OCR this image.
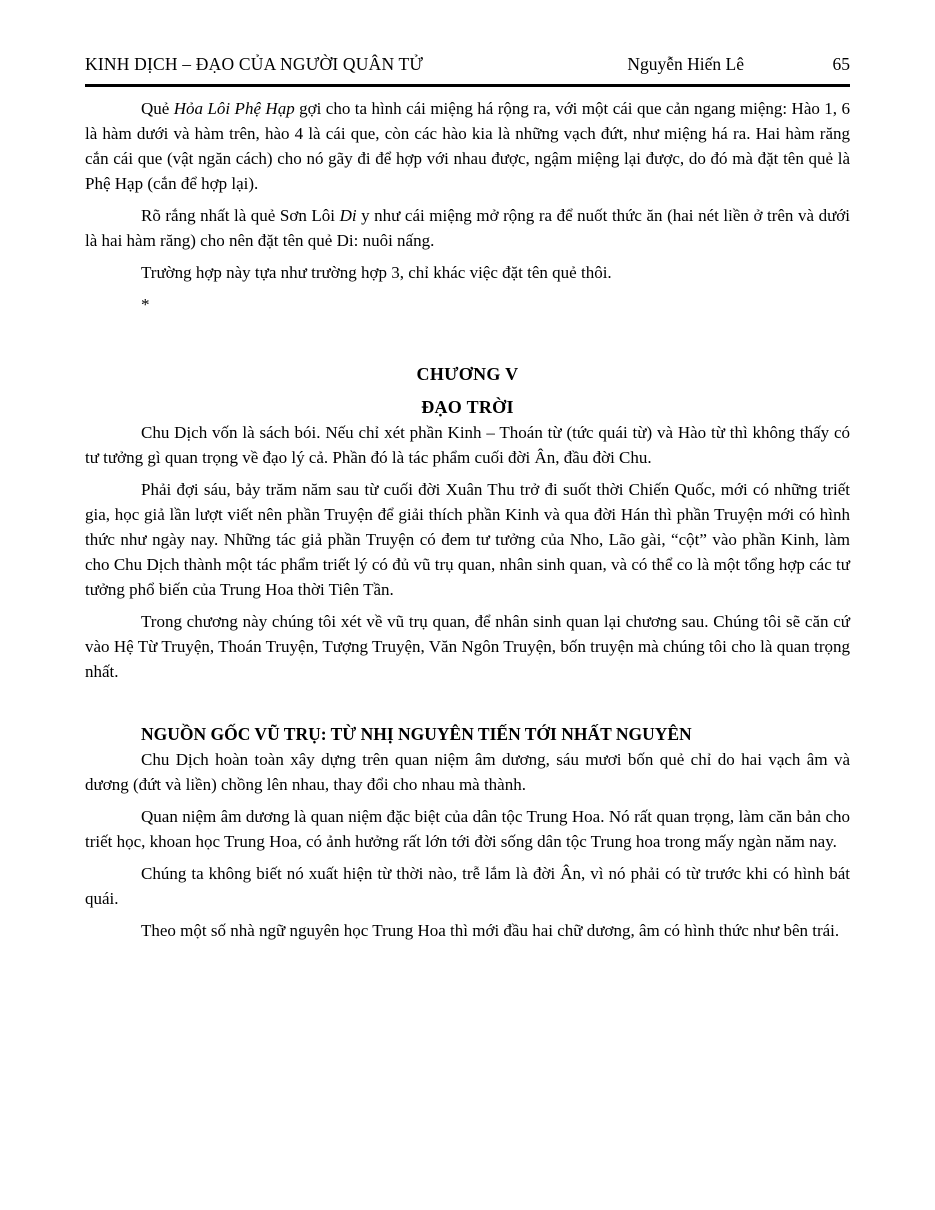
KINH DỊCH – ĐẠO CỦA NGƯỜI QUÂN TỬ	Nguyễn Hiến Lê	65

Quẻ Hỏa Lôi Phệ Hạp gợi cho ta hình cái miệng há rộng ra, với một cái que cản ngang miệng: Hào 1, 6 là hàm dưới và hàm trên, hào 4 là cái que, còn các hào kia là những vạch đứt, như miệng há ra. Hai hàm răng cắn cái que (vật ngăn cách) cho nó gãy đi để hợp với nhau được, ngậm miệng lại được, do đó mà đặt tên quẻ là Phệ Hạp (cắn để hợp lại).

Rõ rắng nhất là quẻ Sơn Lôi Di y như cái miệng mở rộng ra để nuốt thức ăn (hai nét liền ở trên và dưới là hai hàm răng) cho nên đặt tên quẻ Di: nuôi nấng.

Trường hợp này tựa như trường hợp 3, chỉ khác việc đặt tên quẻ thôi.

*

CHƯƠNG V
ĐẠO TRỜI

Chu Dịch vốn là sách bói. Nếu chỉ xét phần Kinh – Thoán từ (tức quái từ) và Hào từ thì không thấy có tư tưởng gì quan trọng về đạo lý cả. Phần đó là tác phẩm cuối đời Ân, đầu đời Chu.

Phải đợi sáu, bảy trăm năm sau từ cuối đời Xuân Thu trở đi suốt thời Chiến Quốc, mới có những triết gia, học giả lần lượt viết nên phần Truyện để giải thích phần Kinh và qua đời Hán thì phần Truyện mới có hình thức như ngày nay. Những tác giả phần Truyện có đem tư tưởng của Nho, Lão gài, “cột” vào phần Kinh, làm cho Chu Dịch thành một tác phẩm triết lý có đủ vũ trụ quan, nhân sinh quan, và có thể co là một tổng hợp các tư tưởng phổ biến của Trung Hoa thời Tiên Tần.

Trong chương này chúng tôi xét về vũ trụ quan, để nhân sinh quan lại chương sau. Chúng tôi sẽ căn cứ vào Hệ Từ Truyện, Thoán Truyện, Tượng Truyện, Văn Ngôn Truyện, bốn truyện mà chúng tôi cho là quan trọng nhất.

NGUỒN GỐC VŨ TRỤ: TỪ NHỊ NGUYÊN TIẾN TỚI NHẤT NGUYÊN

Chu Dịch hoàn toàn xây dựng trên quan niệm âm dương, sáu mươi bốn quẻ chỉ do hai vạch âm và dương (đứt và liền) chồng lên nhau, thay đổi cho nhau mà thành.

Quan niệm âm dương là quan niệm đặc biệt của dân tộc Trung Hoa. Nó rất quan trọng, làm căn bản cho triết học, khoan học Trung Hoa, có ảnh hưởng rất lớn tới đời sống dân tộc Trung hoa trong mấy ngàn năm nay.

Chúng ta không biết nó xuất hiện từ thời nào, trễ lắm là đời Ân, vì nó phải có từ trước khi có hình bát quái.

Theo một số nhà ngữ nguyên học Trung Hoa thì mới đầu hai chữ dương, âm có hình thức như bên trái.
